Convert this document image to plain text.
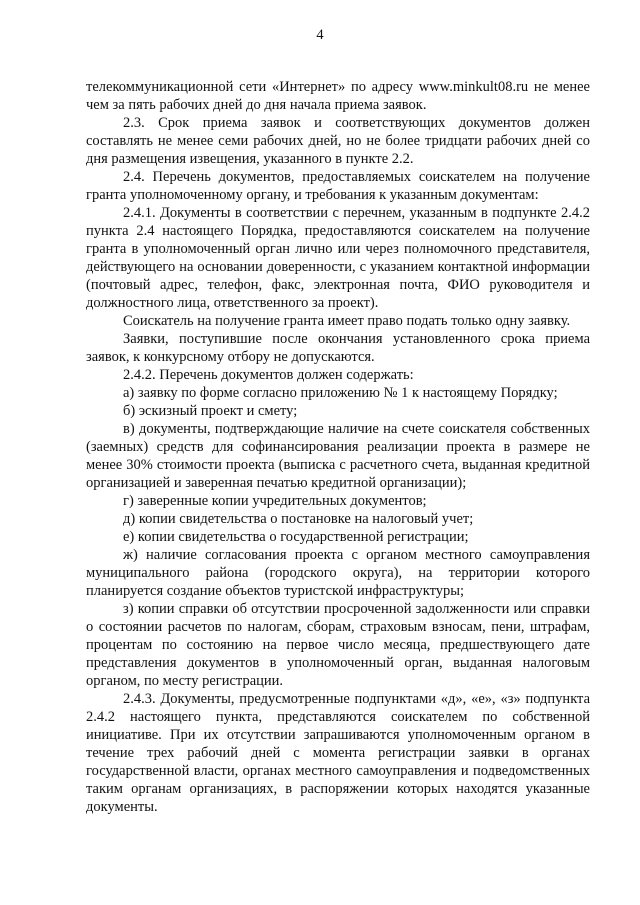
4

телекоммуникационной сети «Интернет» по адресу www.minkult08.ru не менее чем за пять рабочих дней до дня начала приема заявок.

2.3. Срок приема заявок и соответствующих документов должен составлять не менее семи рабочих дней, но не более тридцати рабочих дней со дня размещения извещения, указанного в пункте 2.2.

2.4. Перечень документов, предоставляемых соискателем на получение гранта уполномоченному органу, и требования к указанным документам:

2.4.1. Документы в соответствии с перечнем, указанным в подпункте 2.4.2 пункта 2.4 настоящего Порядка, предоставляются соискателем на получение гранта в уполномоченный орган лично или через полномочного представителя, действующего на основании доверенности, с указанием контактной информации (почтовый адрес, телефон, факс, электронная почта, ФИО руководителя и должностного лица, ответственного за проект).

Соискатель на получение гранта имеет право подать только одну заявку.

Заявки, поступившие после окончания установленного срока приема заявок, к конкурсному отбору не допускаются.

2.4.2. Перечень документов должен содержать:

а) заявку по форме согласно приложению № 1 к настоящему Порядку;

б) эскизный проект и смету;

в) документы, подтверждающие наличие на счете соискателя собственных (заемных) средств для софинансирования реализации проекта в размере не менее 30% стоимости проекта (выписка с расчетного счета, выданная кредитной организацией и заверенная печатью кредитной организации);

г) заверенные копии учредительных документов;

д) копии свидетельства о постановке на налоговый учет;

е) копии свидетельства о государственной регистрации;

ж) наличие согласования проекта с органом местного самоуправления муниципального района (городского округа), на территории которого планируется создание объектов туристской инфраструктуры;

з) копии справки об отсутствии просроченной задолженности или справки о состоянии расчетов по налогам, сборам, страховым взносам, пени, штрафам, процентам по состоянию на первое число месяца, предшествующего дате представления документов в уполномоченный орган, выданная налоговым органом, по месту регистрации.

2.4.3. Документы, предусмотренные подпунктами «д», «е», «з» подпункта 2.4.2 настоящего пункта, представляются соискателем по собственной инициативе. При их отсутствии запрашиваются уполномоченным органом в течение трех рабочий дней с момента регистрации заявки в органах государственной власти, органах местного самоуправления и подведомственных таким органам организациях, в распоряжении которых находятся указанные документы.
